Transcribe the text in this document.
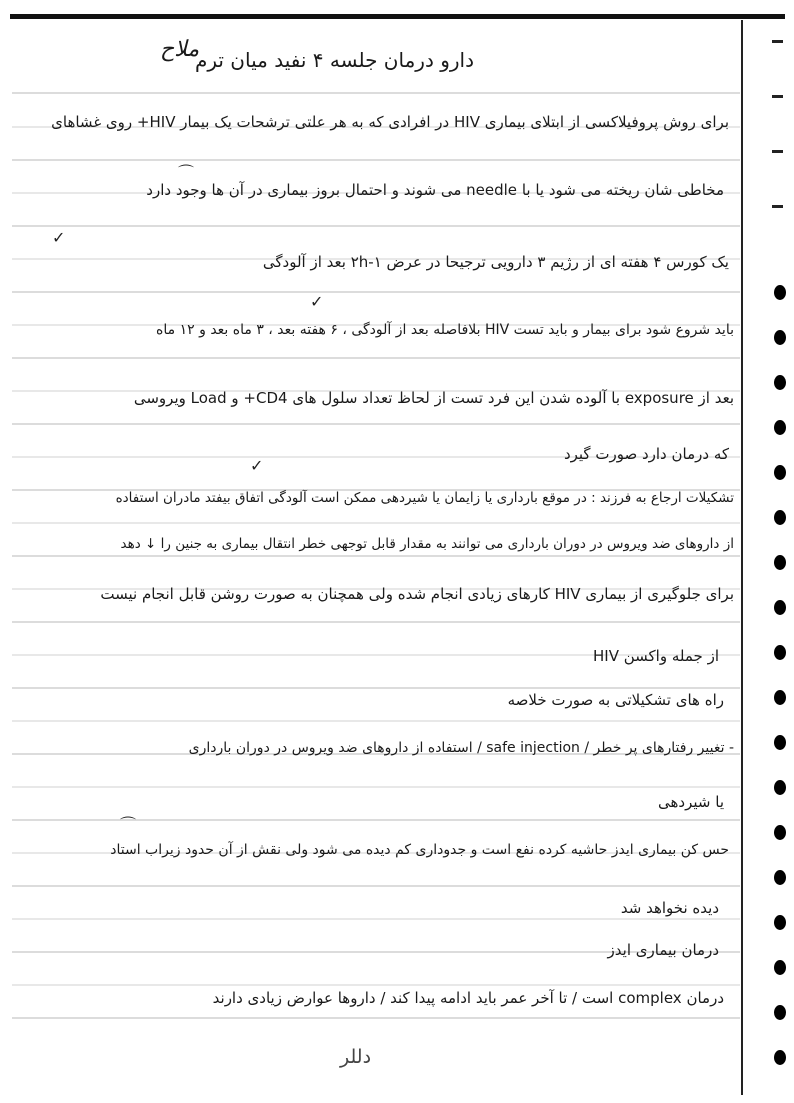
دارو درمان جلسه ۴ نفید میان ترم
ملاح
برای روش پروفیلاکسی از ابتلای بیماری HIV در افرادی که به هر علتی ترشحات یک بیمار HIV+ روی غشاهای
مخاطی شان ریخته می شود یا با needle می شوند و احتمال بروز بیماری در آن ها وجود دارد
یک کورس ۴ هفته ای از رژیم ۳ دارویی ترجیحا در عرض ۱-۲h بعد از آلودگی
باید شروع شود برای بیمار و باید تست HIV بلافاصله بعد از آلودگی ، ۶ هفته بعد ، ۳ ماه بعد و ۱۲ ماه
بعد از exposure با آلوده شدن این فرد تست از لحاظ تعداد سلول های CD4+ و Load ویروسی
که درمان دارد صورت گیرد
تشکیلات ارجاع به فرزند : در موقع بارداری یا زایمان یا شیردهی ممکن است آلودگی اتفاق بیفتد مادران استفاده
از داروهای ضد ویروس در دوران بارداری می توانند به مقدار قابل توجهی خطر انتقال بیماری به جنین را ↓ دهد
برای جلوگیری از بیماری HIV کارهای زیادی انجام شده ولی همچنان به صورت روشن قابل انجام نیست
از جمله واکسن HIV
راه های تشکیلاتی به صورت خلاصه
- تغییر رفتارهای پر خطر / safe injection / استفاده از داروهای ضد ویروس در دوران بارداری
یا شیردهی
حس کن بیماری ایدز حاشیه کرده نفع است و جدوداری کم دیده می شود ولی نقش از آن حدود زیراب استاد
دیده نخواهد شد
درمان بیماری ایدز
درمان complex است / تا آخر عمر باید ادامه پیدا کند / داروها عوارض زیادی دارند
✓
⌒
✓
✓
⌒
ﺩﻟﻠﺮ
